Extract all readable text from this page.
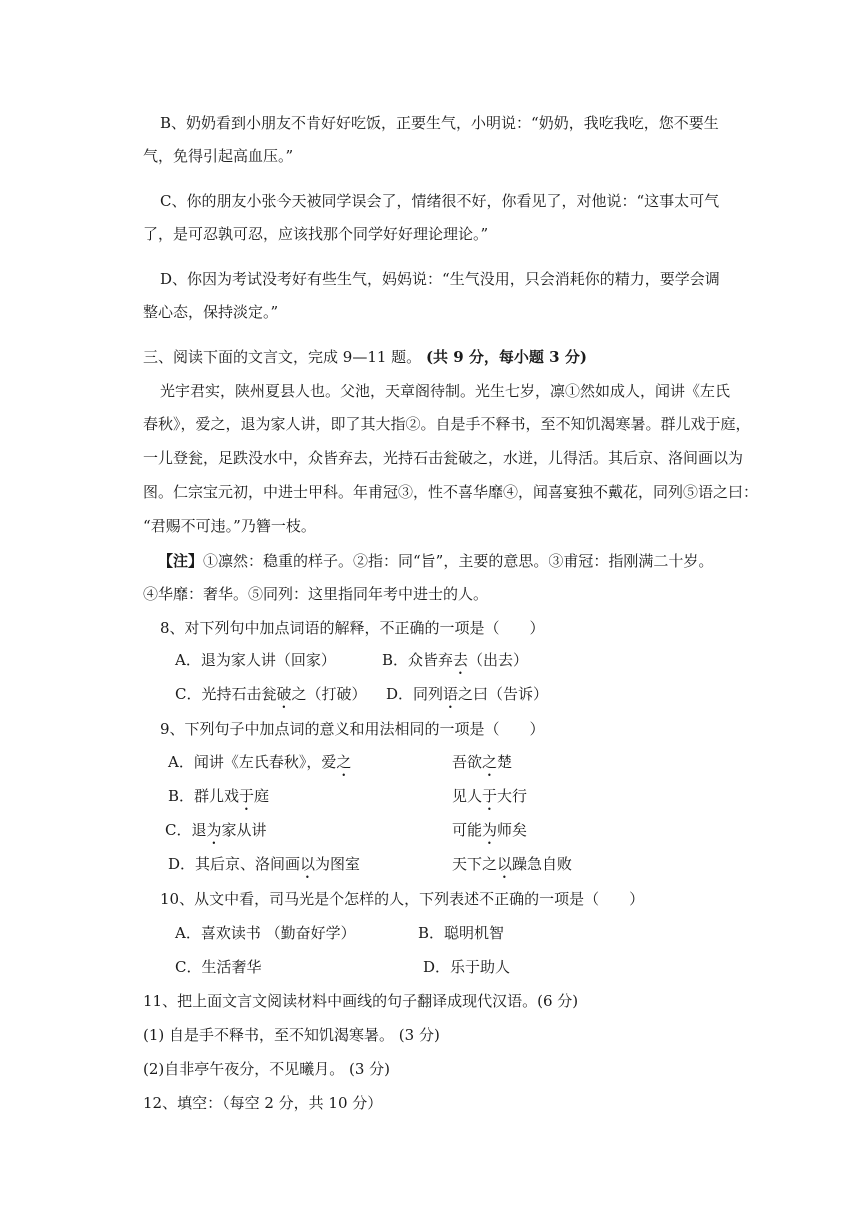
B、奶奶看到小朋友不肯好好吃饭，正要生气，小明说：“奶奶，我吃我吃，您不要生
气，免得引起高血压。”
C、你的朋友小张今天被同学误会了，情绪很不好，你看见了，对他说：“这事太可气
了，是可忍孰可忍，应该找那个同学好好理论理论。”
D、你因为考试没考好有些生气，妈妈说：“生气没用，只会消耗你的精力，要学会调
整心态，保持淡定。”
三、阅读下面的文言文，完成 9—11 题。 (共 9 分，每小题 3 分)
光宇君实，陕州夏县人也。父池，天章阁待制。光生七岁，凛①然如成人，闻讲《左氏
春秋》，爱之，退为家人讲，即了其大指②。自是手不释书，至不知饥渴寒暑。群儿戏于庭，
一儿登瓮，足跌没水中，众皆弃去，光持石击瓮破之，水迸，儿得活。其后京、洛间画以为
图。仁宗宝元初，中进士甲科。年甫冠③，性不喜华靡④，闻喜宴独不戴花，同列⑤语之曰：
“君赐不可违。”乃簪一枝。
【注】①凛然：稳重的样子。②指：同“旨”，主要的意思。③甫冠：指刚满二十岁。
④华靡：奢华。⑤同列：这里指同年考中进士的人。
8、对下列句中加点词语的解释，不正确的一项是（　　）
A．退为家人讲（回家）	B．众皆弃去（出去）
C．光持石击瓮破之（打破） D．同列语之曰（告诉）
9、下列句子中加点词的意义和用法相同的一项是（　　）
A．闻讲《左氏春秋》，爱之	吾欲之楚
B．群儿戏于庭	见人于大行
C．退为家从讲	可能为师矣
D．其后京、洛间画以为图室	天下之以躁急自败
10、从文中看，司马光是个怎样的人，下列表述不正确的一项是（　　）
A．喜欢读书 （勤奋好学）	B．聪明机智
C．生活奢华	D．乐于助人
11、把上面文言文阅读材料中画线的句子翻译成现代汉语。(6 分)
(1) 自是手不释书，至不知饥渴寒暑。 (3 分)
(2)自非亭午夜分，不见曦月。 (3 分)
12、填空：（每空 2 分，共 10 分）
